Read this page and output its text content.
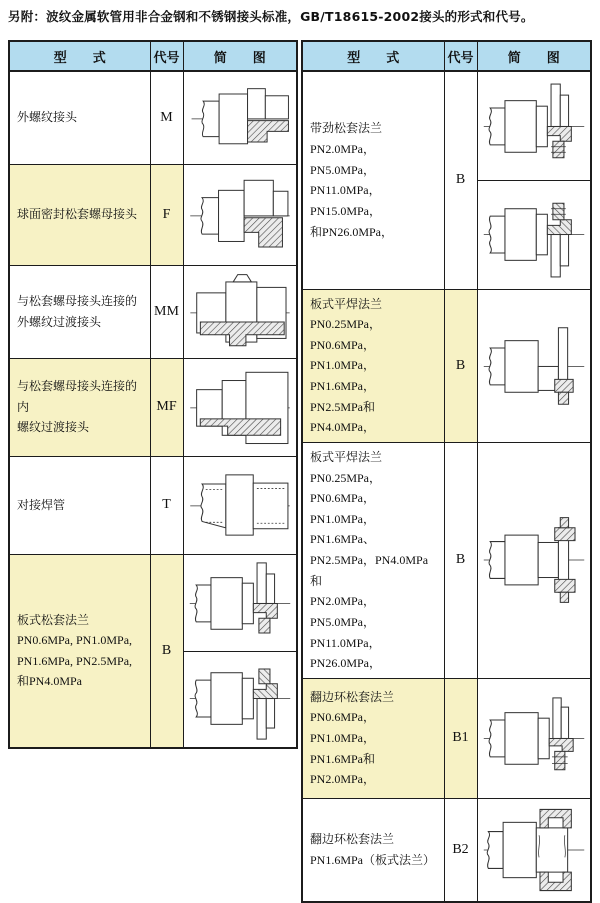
另附：波纹金属软管用非合金钢和不锈钢接头标准，GB/T18615-2002接头的形式和代号。
型　　式	代号	简　　图
外螺纹接头	M	

球面密封松套螺母接头	F	

与松套螺母接头连接的
外螺纹过渡接头	MM	

与松套螺母接头连接的内
螺纹过渡接头	MF	

对接焊管	T	

板式松套法兰
PN0.6MPa, PN1.0MPa,
PN1.6MPa, PN2.5MPa,
和PN4.0MPa	B	

型　　式	代号	简　　图
带劲松套法兰
PN2.0MPa，PN5.0MPa，
PN11.0MPa，PN15.0MPa，
和PN26.0MPa，	B	

板式平焊法兰
PN0.25MPa，PN0.6MPa，
PN1.0MPa，PN1.6MPa，
PN2.5MPa和PN4.0MPa，	B	

板式平焊法兰
PN0.25MPa，PN0.6MPa，
PN1.0MPa，PN1.6MPa、
PN2.5MPa，PN4.0MPa和
PN2.0MPa，PN5.0MPa，
PN11.0MPa，PN26.0MPa，	B	

翻边环松套法兰
PN0.6MPa，PN1.0MPa，
PN1.6MPa和PN2.0MPa，	B1	

翻边环松套法兰
PN1.6MPa（板式法兰）	B2	
